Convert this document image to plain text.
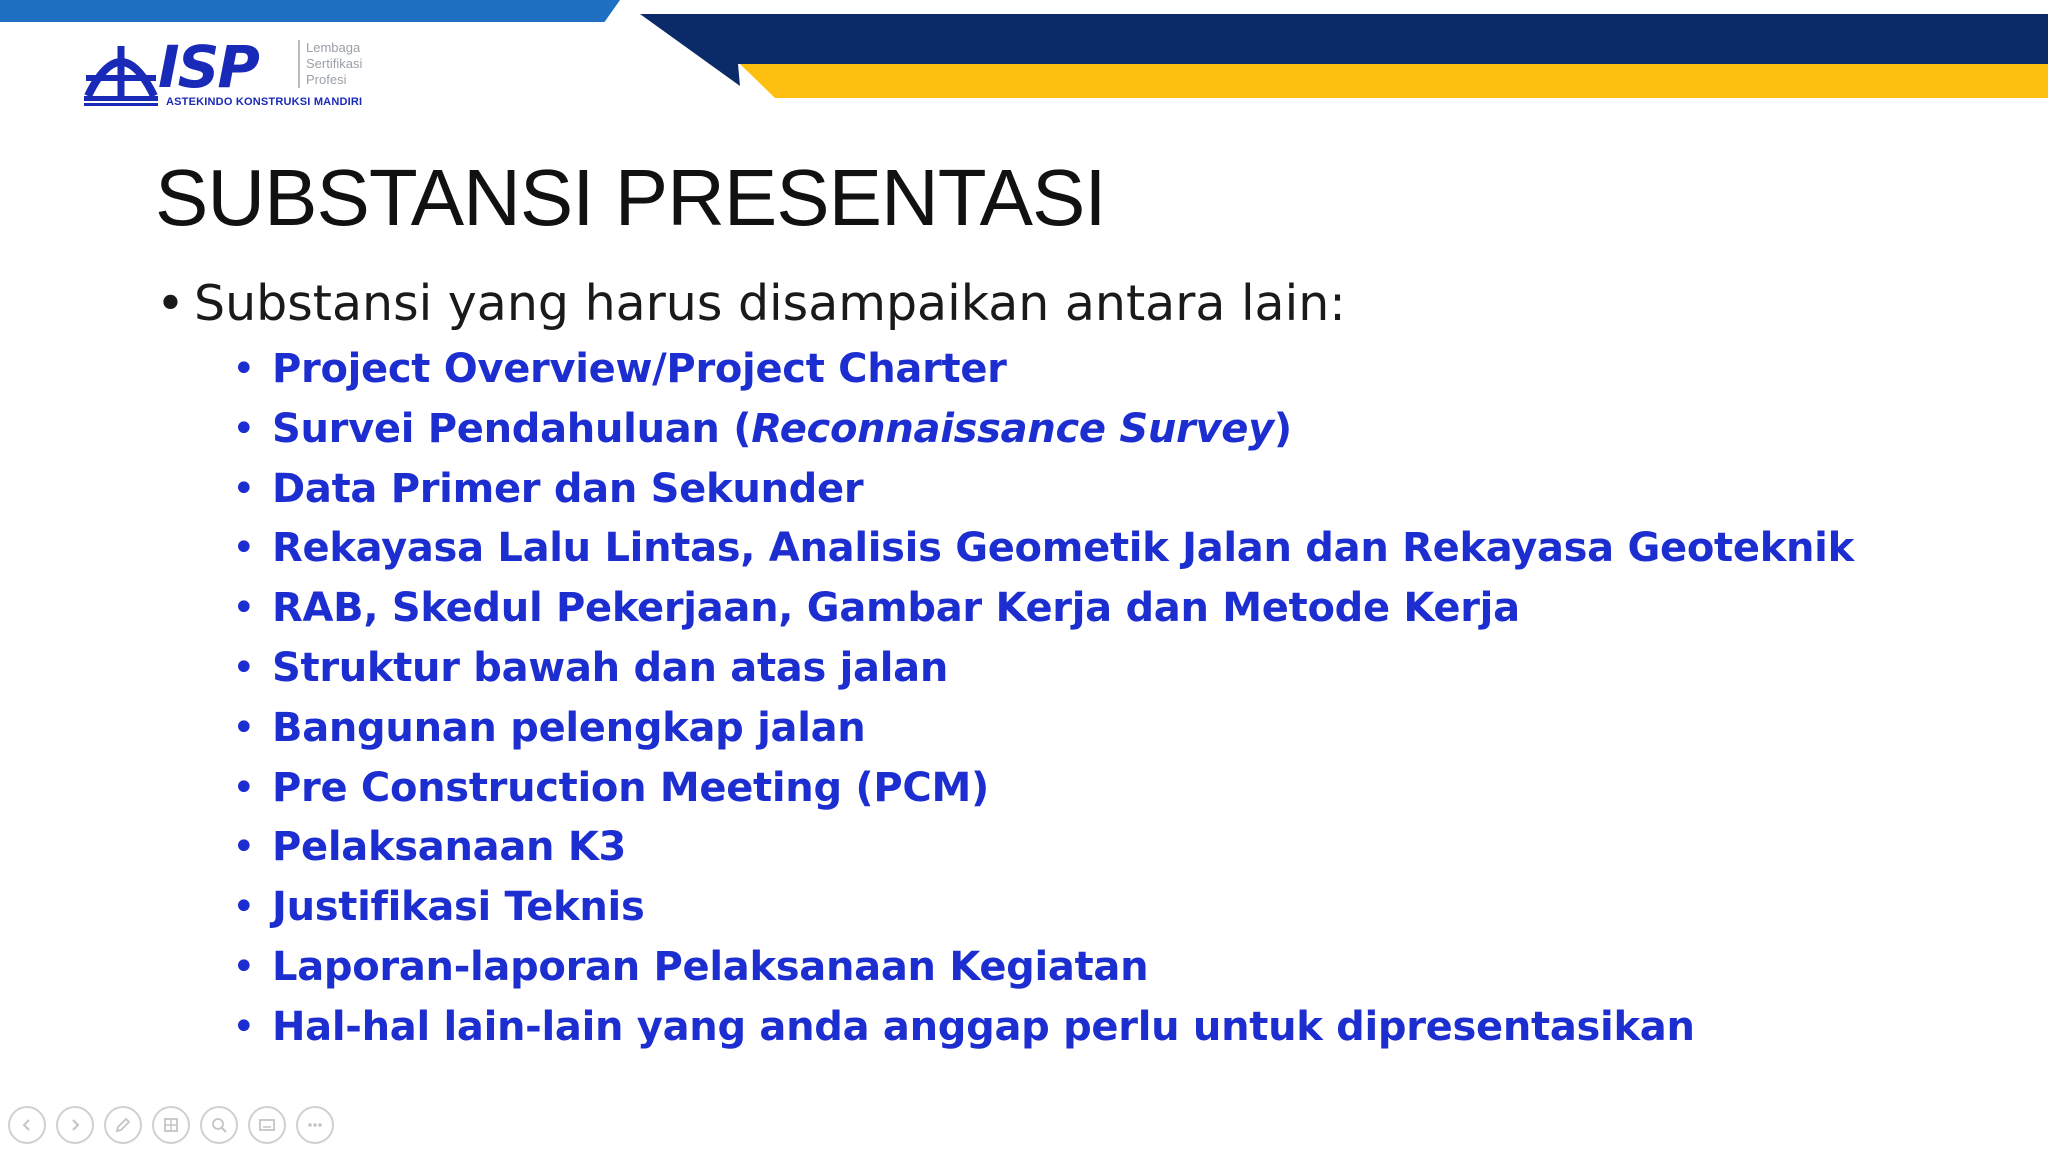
ISP	Lembaga
Sertifikasi
Profesi
ASTEKINDO KONSTRUKSI MANDIRI
SUBSTANSI PRESENTASI
• Substansi yang harus disampaikan antara lain:
• Project Overview/Project Charter
• Survei Pendahuluan (Reconnaissance Survey)
• Data Primer dan Sekunder
• Rekayasa Lalu Lintas, Analisis Geometik Jalan dan Rekayasa Geoteknik
• RAB, Skedul Pekerjaan, Gambar Kerja dan Metode Kerja
• Struktur bawah dan atas jalan
• Bangunan pelengkap jalan
• Pre Construction Meeting (PCM)
• Pelaksanaan K3
• Justifikasi Teknis
• Laporan-laporan Pelaksanaan Kegiatan
• Hal-hal lain-lain yang anda anggap perlu untuk dipresentasikan
